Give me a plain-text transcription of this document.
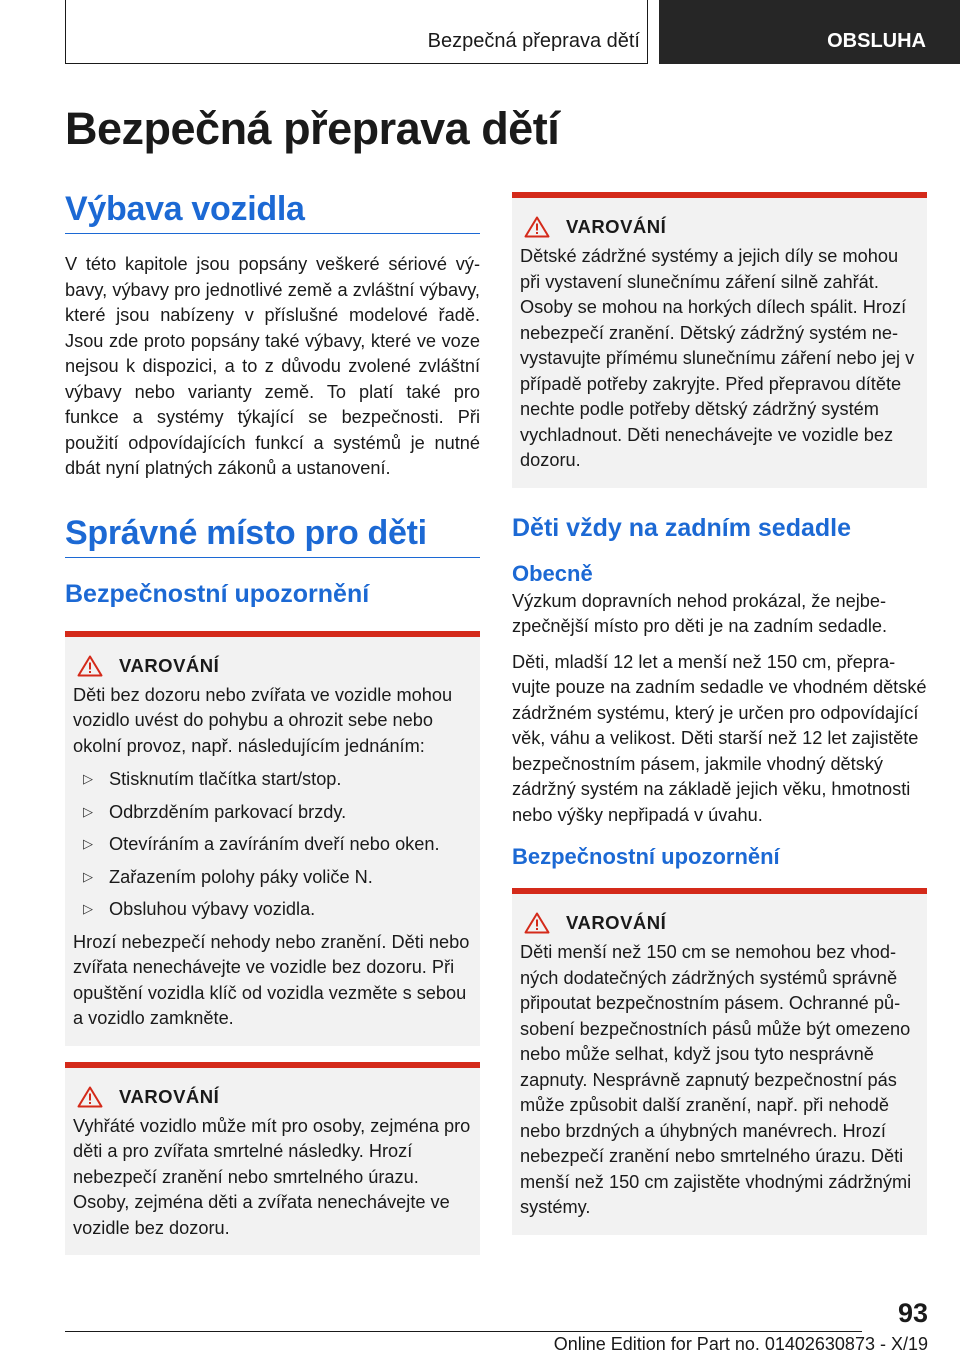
Bezpečná přeprava dětí	OBSLUHA
Bezpečná přeprava dětí
Výbava vozidla

V této kapitole jsou popsány veškeré sériové výbavy, výbavy pro jednotlivé země a zvláštní výbavy, které jsou nabízeny v příslušné modelové řadě. Jsou zde proto popsány také výbavy, které ve voze nejsou k dispozici, a to z důvodu zvolené zvláštní výbavy nebo varianty země. To platí také pro funkce a systémy týkající se bezpečnosti. Při použití odpovídajících funkcí a systémů je nutné dbát nyní platných zákonů a ustanovení.

Správné místo pro děti
Bezpečnostní upozornění
VAROVÁNÍ

Děti bez dozoru nebo zvířata ve vozidle mohou vozidlo uvést do pohybu a ohrozit sebe nebo okolní provoz, např. následujícím jednáním:

▷ Stisknutím tlačítka start/stop.
▷ Odbrzděním parkovací brzdy.
▷ Otevíráním a zavíráním dveří nebo oken.
▷ Zařazením polohy páky voliče N.
▷ Obsluhou výbavy vozidla.

Hrozí nebezpečí nehody nebo zranění. Děti nebo zvířata nenechávejte ve vozidle bez dozoru. Při opuštění vozidla klíč od vozidla vezměte s sebou a vozidlo zamkněte.

VAROVÁNÍ

Vyhřáté vozidlo může mít pro osoby, zejména pro děti a pro zvířata smrtelné následky. Hrozí nebezpečí zranění nebo smrtelného úrazu. Osoby, zejména děti a zvířata nenechávejte ve vozidle bez dozoru.

VAROVÁNÍ

Dětské zádržné systémy a jejich díly se mohou při vystavení slunečnímu záření silně zahřát. Osoby se mohou na horkých dílech spálit. Hrozí nebezpečí zranění. Dětský zádržný systém nevystavujte přímému slunečnímu záření nebo jej v případě potřeby zakryjte. Před přepravou dítěte nechte podle potřeby dětský zádržný systém vychladnout. Děti nenechávejte ve vozidle bez dozoru.

Děti vždy na zadním sedadle
Obecně

Výzkum dopravních nehod prokázal, že nejbezpečnější místo pro děti je na zadním sedadle.

Děti, mladší 12 let a menší než 150 cm, přepravujte pouze na zadním sedadle ve vhodném dětské zádržném systému, který je určen pro odpovídající věk, váhu a velikost. Děti starší než 12 let zajistěte bezpečnostním pásem, jakmile vhodný dětský zádržný systém na základě jejich věku, hmotnosti nebo výšky nepřipadá v úvahu.

Bezpečnostní upozornění
VAROVÁNÍ

Děti menší než 150 cm se nemohou bez vhodných dodatečných zádržných systémů správně připoutat bezpečnostním pásem. Ochranné působení bezpečnostních pásů může být omezeno nebo může selhat, když jsou tyto nesprávně zapnuty. Nesprávně zapnutý bezpečnostní pás může způsobit další zranění, např. při nehodě nebo brzdných a úhybných manévrech. Hrozí nebezpečí zranění nebo smrtelného úrazu. Děti menší než 150 cm zajistěte vhodnými zádržnými systémy.

93
Online Edition for Part no. 01402630873 - X/19
